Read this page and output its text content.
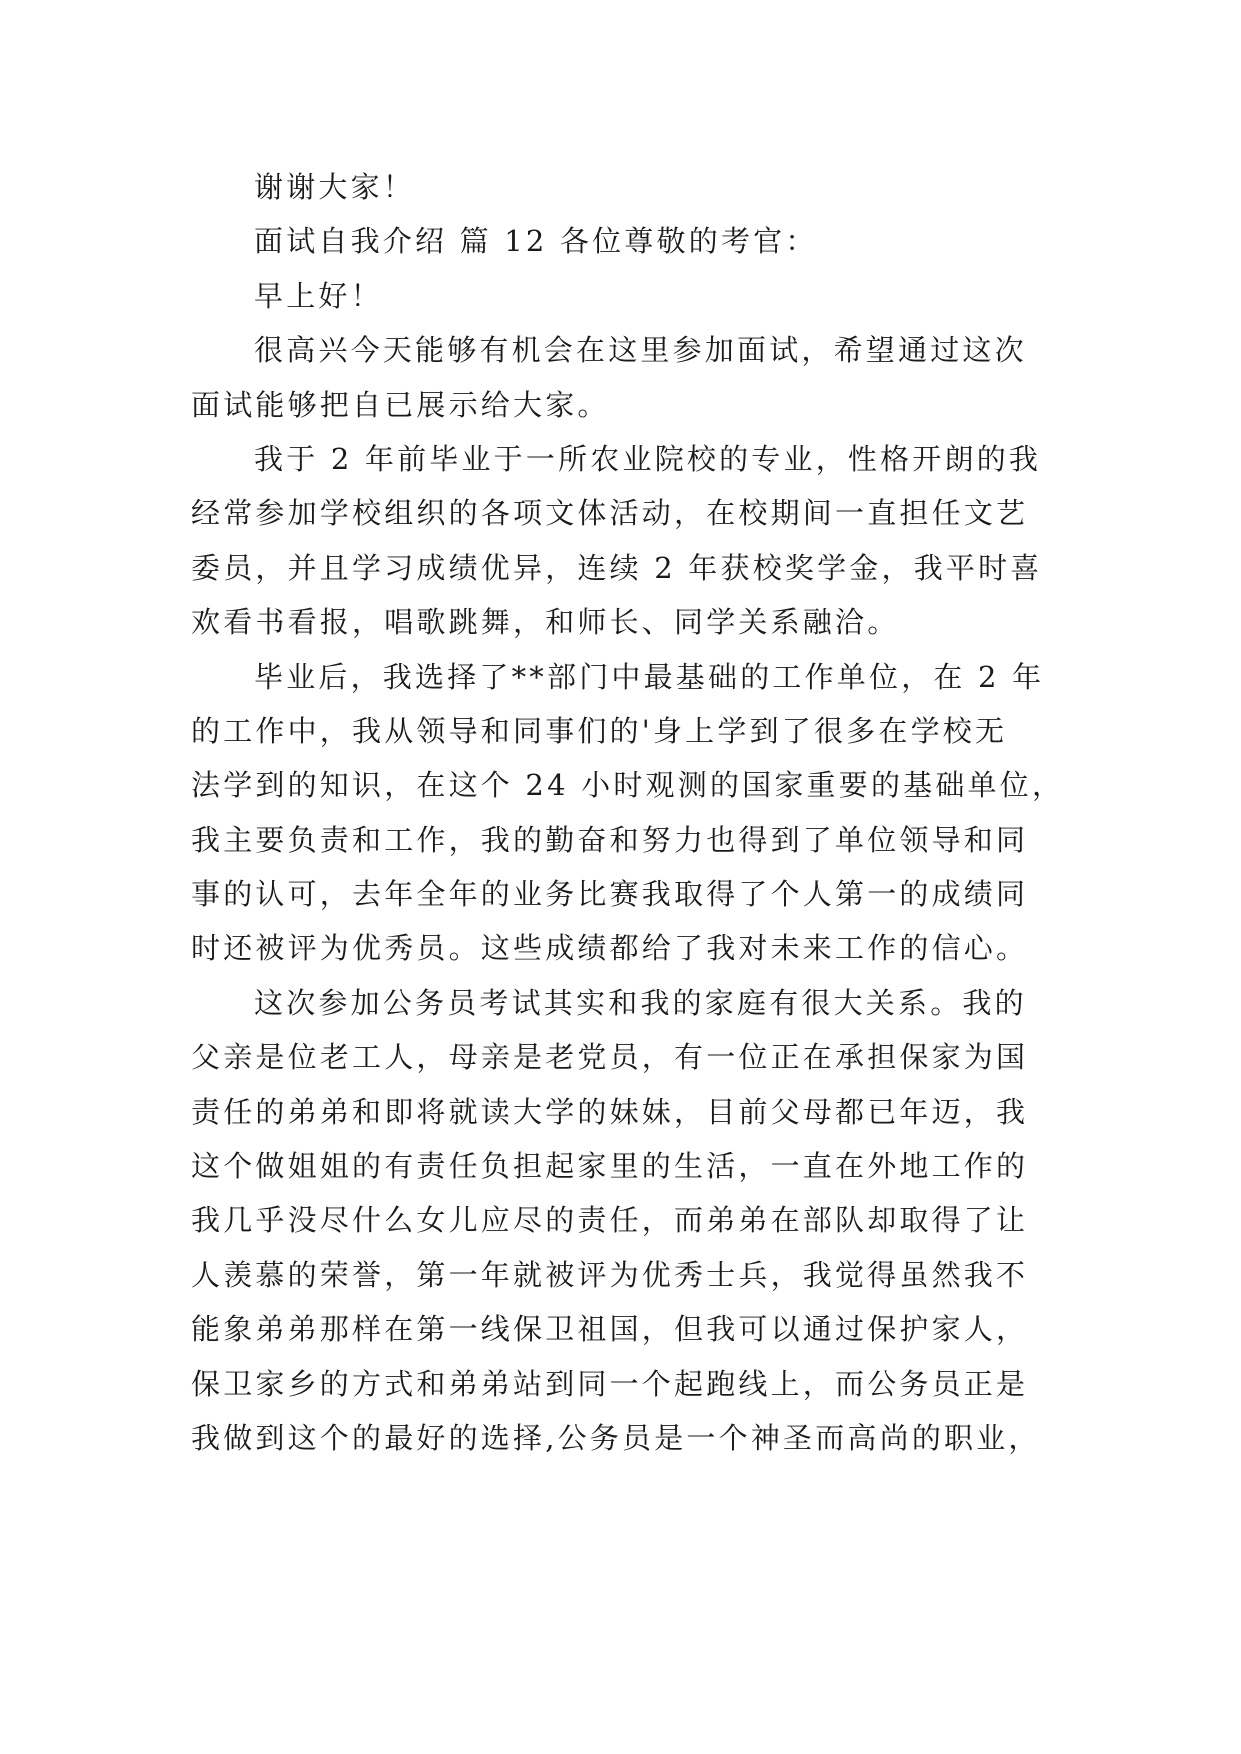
谢谢大家！
面试自我介绍 篇 12 各位尊敬的考官：
早上好！
很高兴今天能够有机会在这里参加面试，希望通过这次
面试能够把自已展示给大家。
我于 2 年前毕业于一所农业院校的专业，性格开朗的我
经常参加学校组织的各项文体活动，在校期间一直担任文艺
委员，并且学习成绩优异，连续 2 年获校奖学金，我平时喜
欢看书看报，唱歌跳舞，和师长、同学关系融洽。
毕业后，我选择了**部门中最基础的工作单位，在 2 年
的工作中，我从领导和同事们的'身上学到了很多在学校无
法学到的知识，在这个 24 小时观测的国家重要的基础单位，
我主要负责和工作，我的勤奋和努力也得到了单位领导和同
事的认可，去年全年的业务比赛我取得了个人第一的成绩同
时还被评为优秀员。这些成绩都给了我对未来工作的信心。
这次参加公务员考试其实和我的家庭有很大关系。我的
父亲是位老工人，母亲是老党员，有一位正在承担保家为国
责任的弟弟和即将就读大学的妹妹，目前父母都已年迈，我
这个做姐姐的有责任负担起家里的生活，一直在外地工作的
我几乎没尽什么女儿应尽的责任，而弟弟在部队却取得了让
人羡慕的荣誉，第一年就被评为优秀士兵，我觉得虽然我不
能象弟弟那样在第一线保卫祖国，但我可以通过保护家人，
保卫家乡的方式和弟弟站到同一个起跑线上，而公务员正是
我做到这个的最好的选择,公务员是一个神圣而高尚的职业，
